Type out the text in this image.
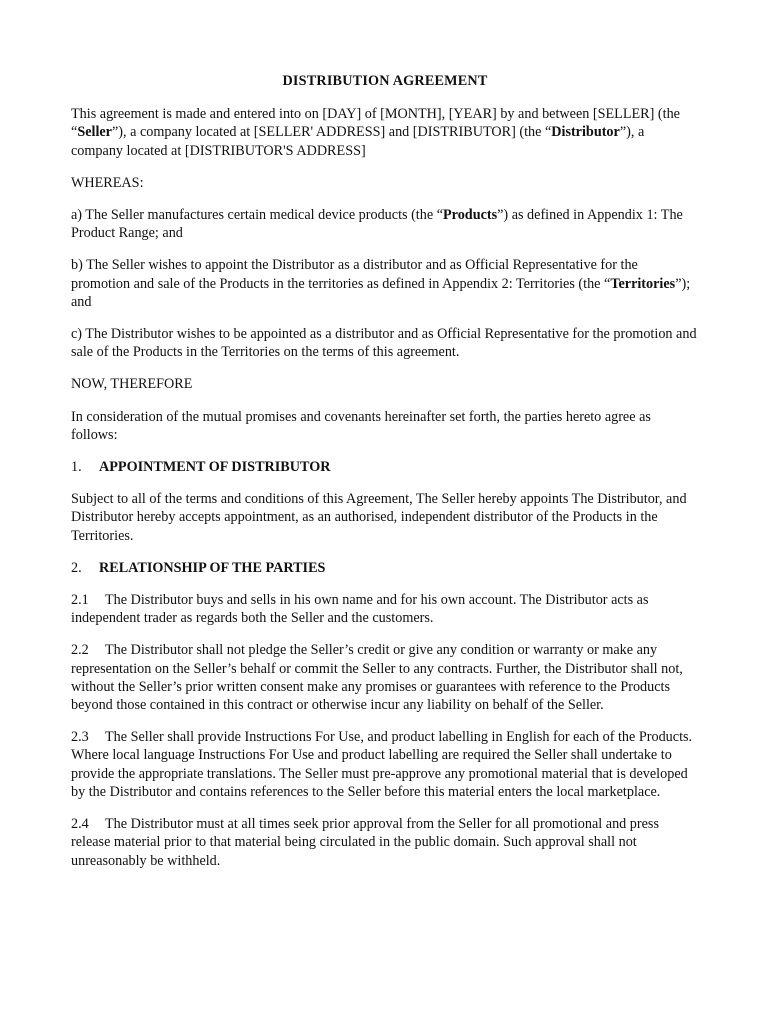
DISTRIBUTION AGREEMENT

This agreement is made and entered into on [DAY] of [MONTH], [YEAR] by and between [SELLER] (the “Seller”), a company located at [SELLER' ADDRESS] and [DISTRIBUTOR] (the “Distributor”), a company located at [DISTRIBUTOR'S ADDRESS]

WHEREAS:

a) The Seller manufactures certain medical device products (the “Products”) as defined in Appendix 1: The Product Range; and

b) The Seller wishes to appoint the Distributor as a distributor and as Official Representative for the promotion and sale of the Products in the territories as defined in Appendix 2: Territories (the “Territories”); and

c) The Distributor wishes to be appointed as a distributor and as Official Representative for the promotion and sale of the Products in the Territories on the terms of this agreement.

NOW, THEREFORE

In consideration of the mutual promises and covenants hereinafter set forth, the parties hereto agree as follows:

1. APPOINTMENT OF DISTRIBUTOR

Subject to all of the terms and conditions of this Agreement, The Seller hereby appoints The Distributor, and Distributor hereby accepts appointment, as an authorised, independent distributor of the Products in the Territories.

2. RELATIONSHIP OF THE PARTIES

2.1 The Distributor buys and sells in his own name and for his own account. The Distributor acts as independent trader as regards both the Seller and the customers.

2.2 The Distributor shall not pledge the Seller’s credit or give any condition or warranty or make any representation on the Seller’s behalf or commit the Seller to any contracts. Further, the Distributor shall not, without the Seller’s prior written consent make any promises or guarantees with reference to the Products beyond those contained in this contract or otherwise incur any liability on behalf of the Seller.

2.3 The Seller shall provide Instructions For Use, and product labelling in English for each of the Products. Where local language Instructions For Use and product labelling are required the Seller shall undertake to provide the appropriate translations. The Seller must pre-approve any promotional material that is developed by the Distributor and contains references to the Seller before this material enters the local marketplace.

2.4 The Distributor must at all times seek prior approval from the Seller for all promotional and press release material prior to that material being circulated in the public domain. Such approval shall not unreasonably be withheld.
